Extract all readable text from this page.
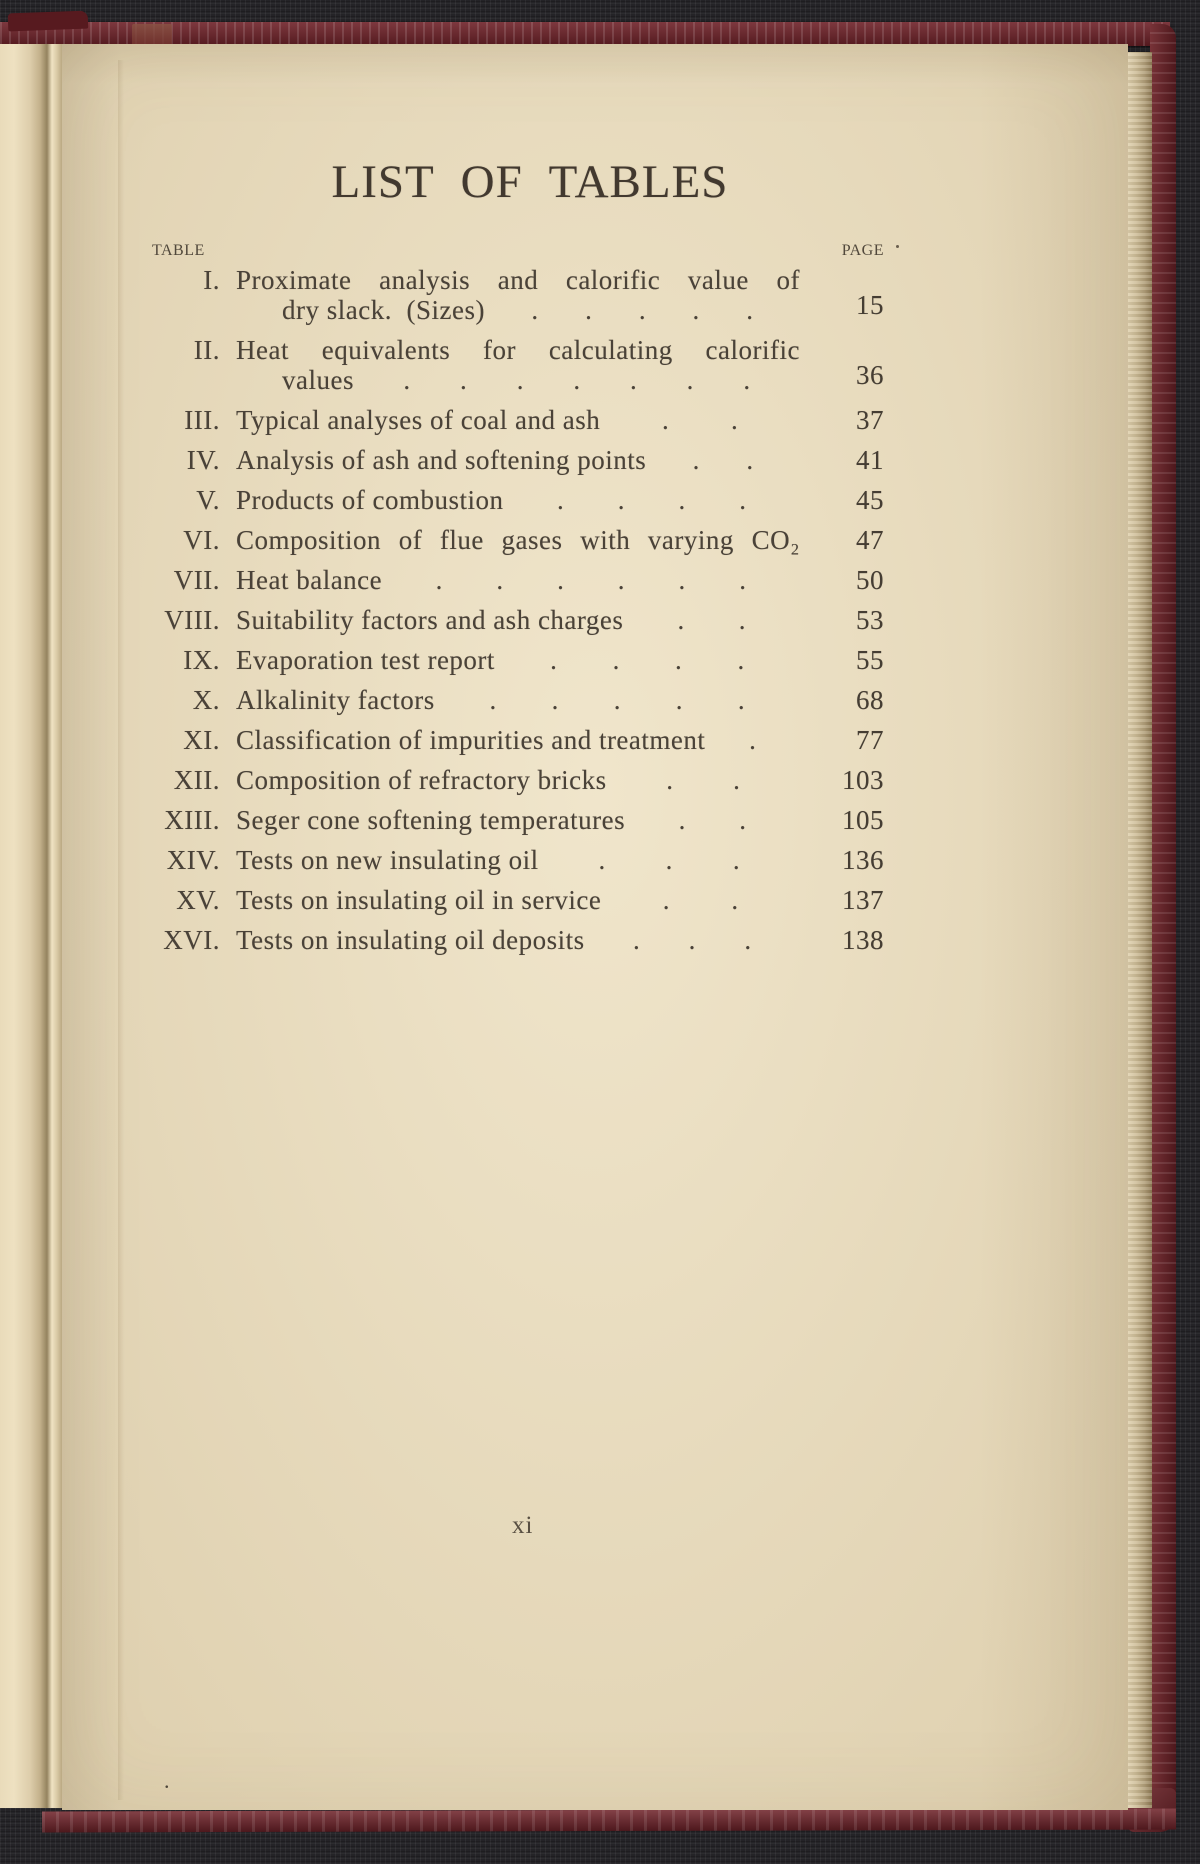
LIST OF TABLES
TABLE	PAGE
I. Proximate analysis and calorific value of
dry slack.  (Sizes) . . . . .	15
II. Heat equivalents for calculating calorific
values . . . . . . .	36
III. Typical analyses of coal and ash . .	37
IV. Analysis of ash and softening points . .	41
V. Products of combustion . . . .	45
VI. Composition of flue gases with varying CO₂	47
VII. Heat balance . . . . . .	50
VIII. Suitability factors and ash charges . .	53
IX. Evaporation test report . . . .	55
X. Alkalinity factors . . . . .	68
XI. Classification of impurities and treatment .	77
XII. Composition of refractory bricks . .	103
XIII. Seger cone softening temperatures . .	105
XIV. Tests on new insulating oil . . .	136
XV. Tests on insulating oil in service . .	137
XVI. Tests on insulating oil deposits . . .	138
xi
.
